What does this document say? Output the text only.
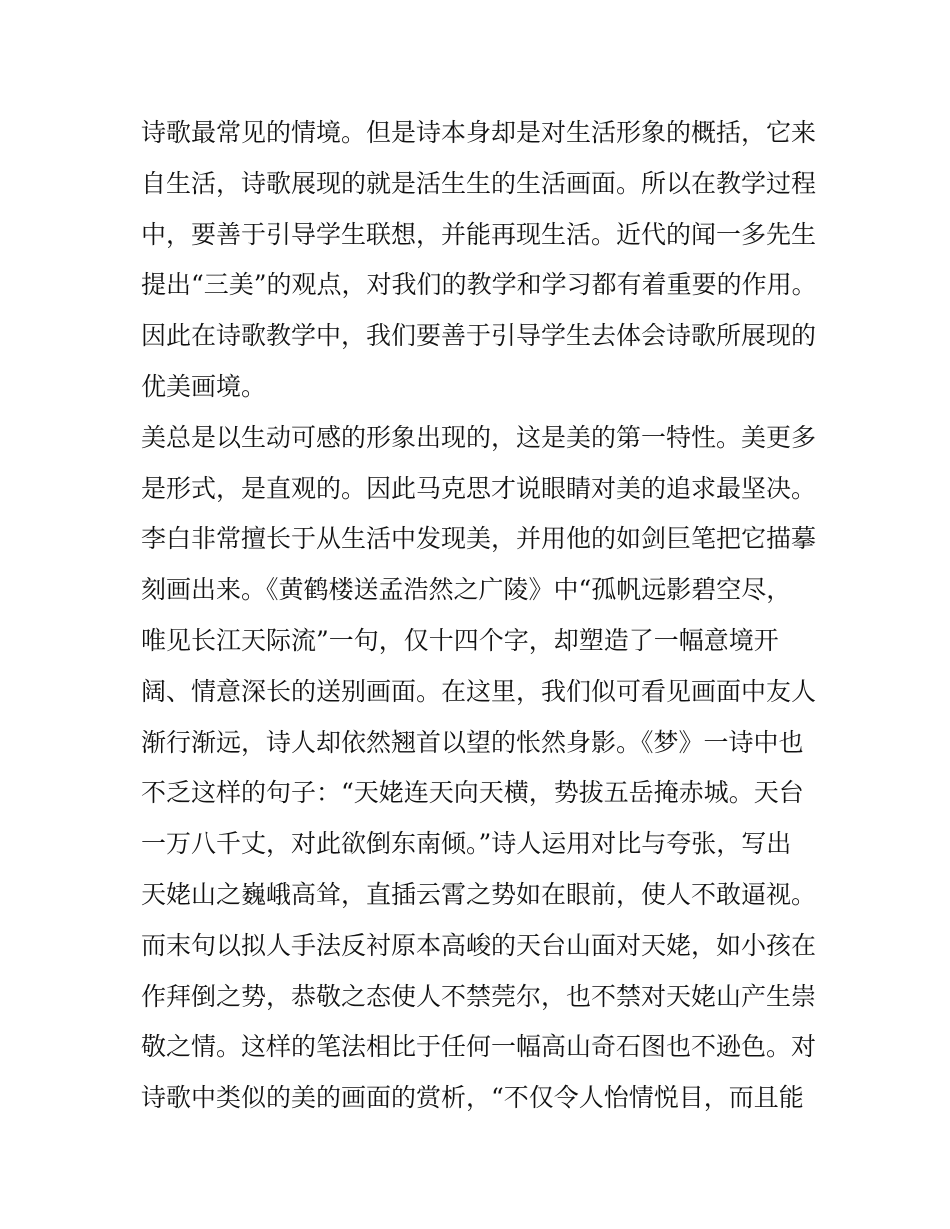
诗歌最常见的情境。但是诗本身却是对生活形象的概括，它来
自生活，诗歌展现的就是活生生的生活画面。所以在教学过程
中，要善于引导学生联想，并能再现生活。近代的闻一多先生
提出“三美”的观点，对我们的教学和学习都有着重要的作用。
因此在诗歌教学中，我们要善于引导学生去体会诗歌所展现的
优美画境。
美总是以生动可感的形象出现的，这是美的第一特性。美更多
是形式，是直观的。因此马克思才说眼睛对美的追求最坚决。
李白非常擅长于从生活中发现美，并用他的如剑巨笔把它描摹
刻画出来。《黄鹤楼送孟浩然之广陵》中“孤帆远影碧空尽，
唯见长江天际流”一句，仅十四个字，却塑造了一幅意境开
阔、情意深长的送别画面。在这里，我们似可看见画面中友人
渐行渐远，诗人却依然翘首以望的怅然身影。《梦》一诗中也
不乏这样的句子：“天姥连天向天横，势拔五岳掩赤城。天台
一万八千丈，对此欲倒东南倾。”诗人运用对比与夸张，写出
天姥山之巍峨高耸，直插云霄之势如在眼前，使人不敢逼视。
而末句以拟人手法反衬原本高峻的天台山面对天姥，如小孩在
作拜倒之势，恭敬之态使人不禁莞尔，也不禁对天姥山产生崇
敬之情。这样的笔法相比于任何一幅高山奇石图也不逊色。对
诗歌中类似的美的画面的赏析，“不仅令人怡情悦目，而且能
